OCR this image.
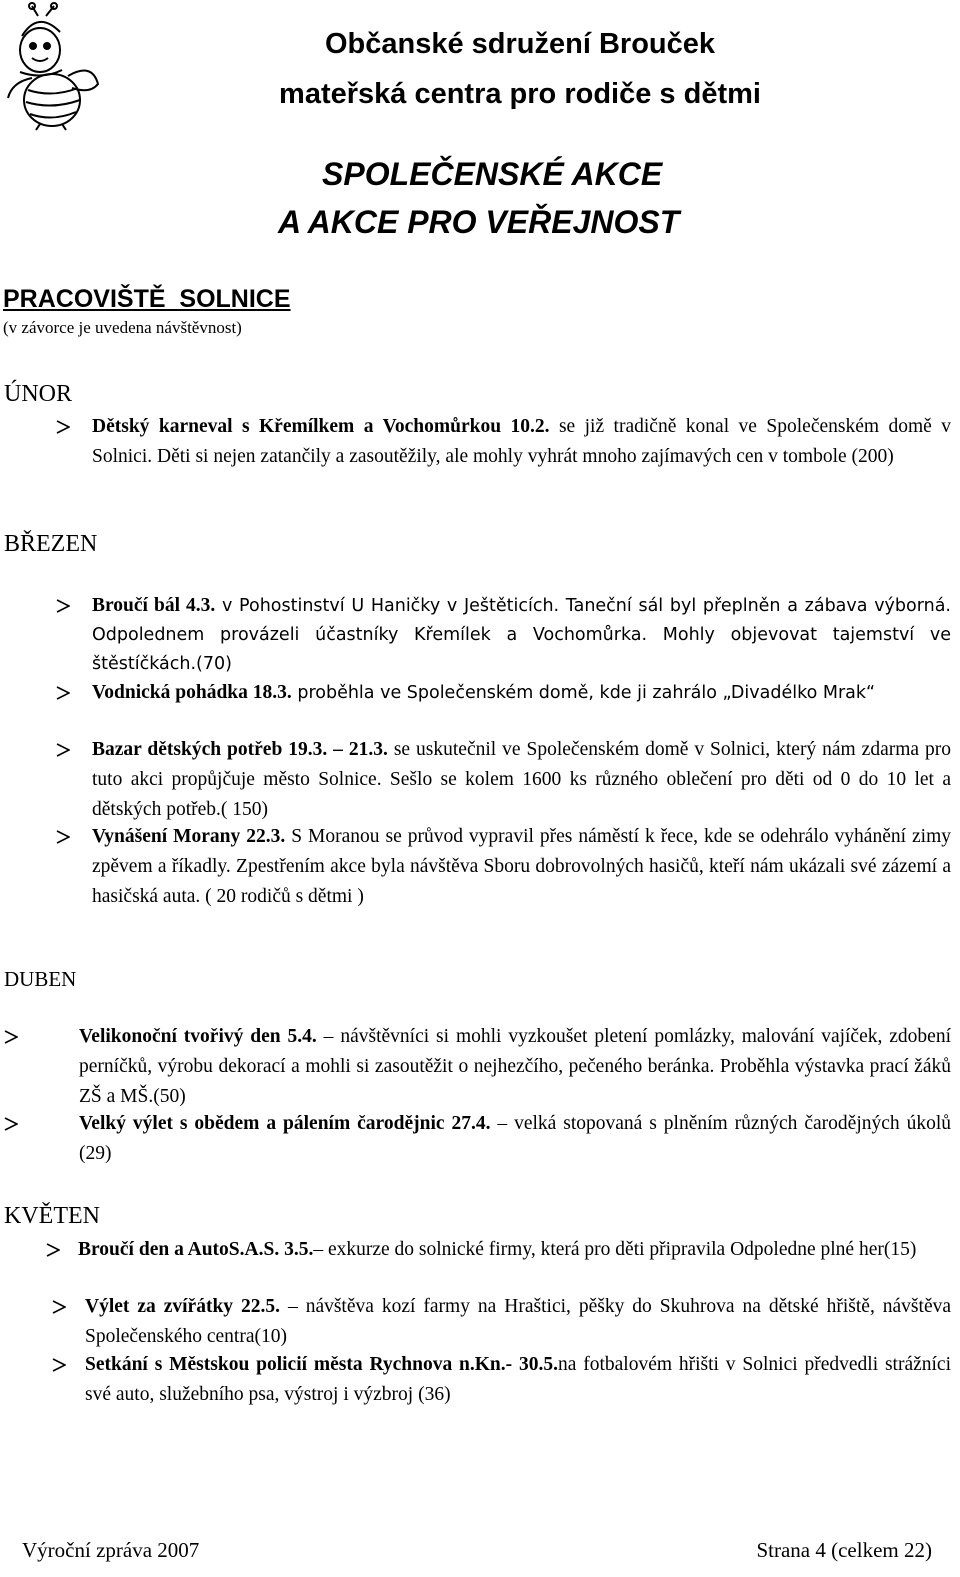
Občanské sdružení Brouček
mateřská centra pro rodiče s dětmi
SPOLEČENSKÉ AKCE
A AKCE PRO VEŘEJNOST
PRACOVIŠTĚ  SOLNICE
(v závorce je uvedena návštěvnost)
ÚNOR
Dětský karneval s Křemílkem a Vochomůrkou 10.2. se již tradičně konal ve Společenském domě v Solnici. Děti si nejen zatančily a zasoutěžily, ale mohly vyhrát mnoho zajímavých cen v tombole (200)
BŘEZEN
Broučí bál 4.3. v Pohostinství U Haničky v Ještěticích. Taneční sál byl přeplněn a zábava výborná. Odpolednem provázeli účastníky Křemílek a Vochomůrka. Mohly objevovat tajemství ve štěstíčkách.(70)
Vodnická pohádka 18.3. proběhla ve Společenském domě, kde ji zahrálo „Divadélko Mrak“
Bazar dětských potřeb 19.3. – 21.3. se uskutečnil ve Společenském domě v Solnici, který nám zdarma pro tuto akci propůjčuje město Solnice. Sešlo se kolem 1600 ks různého oblečení pro děti od 0 do 10 let a dětských potřeb.( 150)
Vynášení Morany 22.3. S Moranou se průvod vypravil přes náměstí k řece, kde se odehrálo vyhánění zimy zpěvem a říkadly. Zpestřením akce byla návštěva Sboru dobrovolných hasičů, kteří nám ukázali své zázemí a hasičská auta. ( 20 rodičů s dětmi )
DUBEN
Velikonoční tvořivý den 5.4. – návštěvníci si mohli vyzkoušet pletení pomlázky, malování vajíček, zdobení perníčků, výrobu dekorací a mohli si zasoutěžit o nejhezčího, pečeného beránka. Proběhla výstavka prací žáků ZŠ a MŠ.(50)
Velký výlet s obědem a pálením čarodějnic 27.4. – velká stopovaná s plněním různých čarodějných úkolů (29)
KVĚTEN
Broučí den a AutoS.A.S. 3.5.– exkurze do solnické firmy, která pro děti připravila Odpoledne plné her(15)
Výlet za zvířátky 22.5. – návštěva kozí farmy na Hraštici, pěšky do Skuhrova na dětské hřiště, návštěva Společenského centra(10)
Setkání s Městskou policií města Rychnova n.Kn.- 30.5.na fotbalovém hřišti v Solnici předvedli strážníci své auto, služebního psa, výstroj i výzbroj (36)
Výroční zpráva 2007	Strana 4 (celkem 22)
